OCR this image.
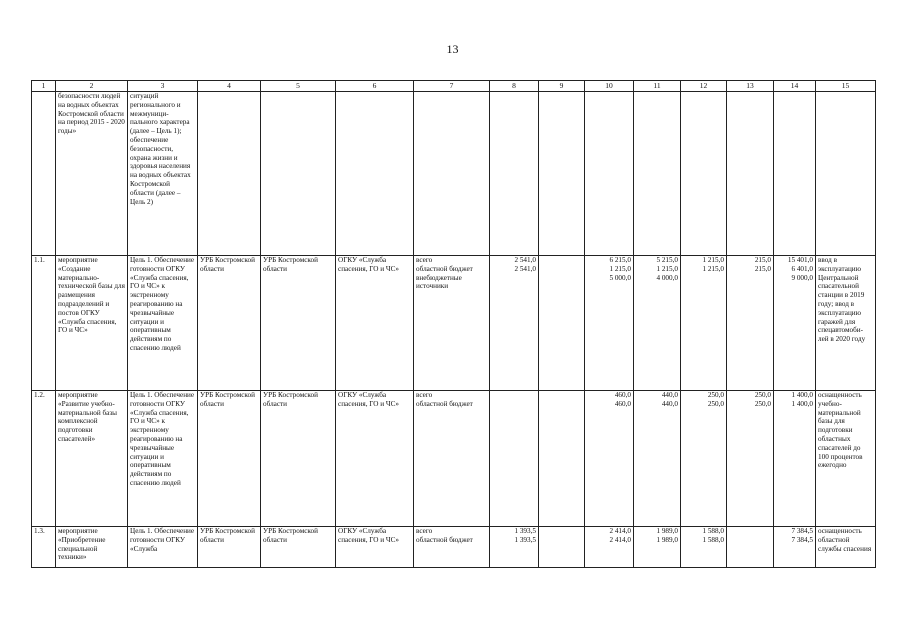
13
1	2	3	4	5	6	7	8	9	10	11	12	13	14	15
	безопасности людей на водных объектах Костромской области на период 2015 - 2020 годы»	ситуаций регионального и межмуници-пального характера (далее – Цель 1); обеспечение безопасности, охрана жизни и здоровья населения на водных объектах Костромской области (далее – Цель 2)												
1.1.	мероприятие «Создание материально-технической базы для размещения подразделений и постов ОГКУ «Служба спасения, ГО и ЧС»	Цель 1. Обеспечение готовности ОГКУ «Служба спасения, ГО и ЧС» к экстренному реагированию на чрезвычайные ситуации и оперативным действиям по спасению людей	УРБ Костромской области	УРБ Костромской области	ОГКУ «Служба спасения, ГО и ЧС»	всего
областной бюджет
внебюджетные
источники	2 541,0
2 541,0		6 215,0
1 215,0
5 000,0	5 215,0
1 215,0
4 000,0	1 215,0
1 215,0	215,0
215,0	15 401,0
6 401,0
9 000,0	ввод в эксплуатацию Центральной спасательной станции в 2019 году; ввод в эксплуатацию гаражей для спецавтомоби-лей в 2020 году
1.2.	мероприятие «Развитие учебно-материальной базы комплексной подготовки спасателей»	Цель 1. Обеспечение готовности ОГКУ «Служба спасения, ГО и ЧС» к экстренному реагированию на чрезвычайные ситуации и оперативным действиям по спасению людей	УРБ Костромской области	УРБ Костромской области	ОГКУ «Служба спасения, ГО и ЧС»	всего
областной бюджет			460,0
460,0	440,0
440,0	250,0
250,0	250,0
250,0	1 400,0
1 400,0	оснащенность учебно-материальной базы для подготовки областных спасателей до 100 процентов ежегодно
1.3.	мероприятие «Приобретение специальной техники»	Цель 1. Обеспечение готовности ОГКУ «Служба	УРБ Костромской области	УРБ Костромской области	ОГКУ «Служба спасения, ГО и ЧС»	всего
областной бюджет	1 393,5
1 393,5		2 414,0
2 414,0	1 989,0
1 989,0	1 588,0
1 588,0		7 384,5
7 384,5	оснащенность областной службы спасения
